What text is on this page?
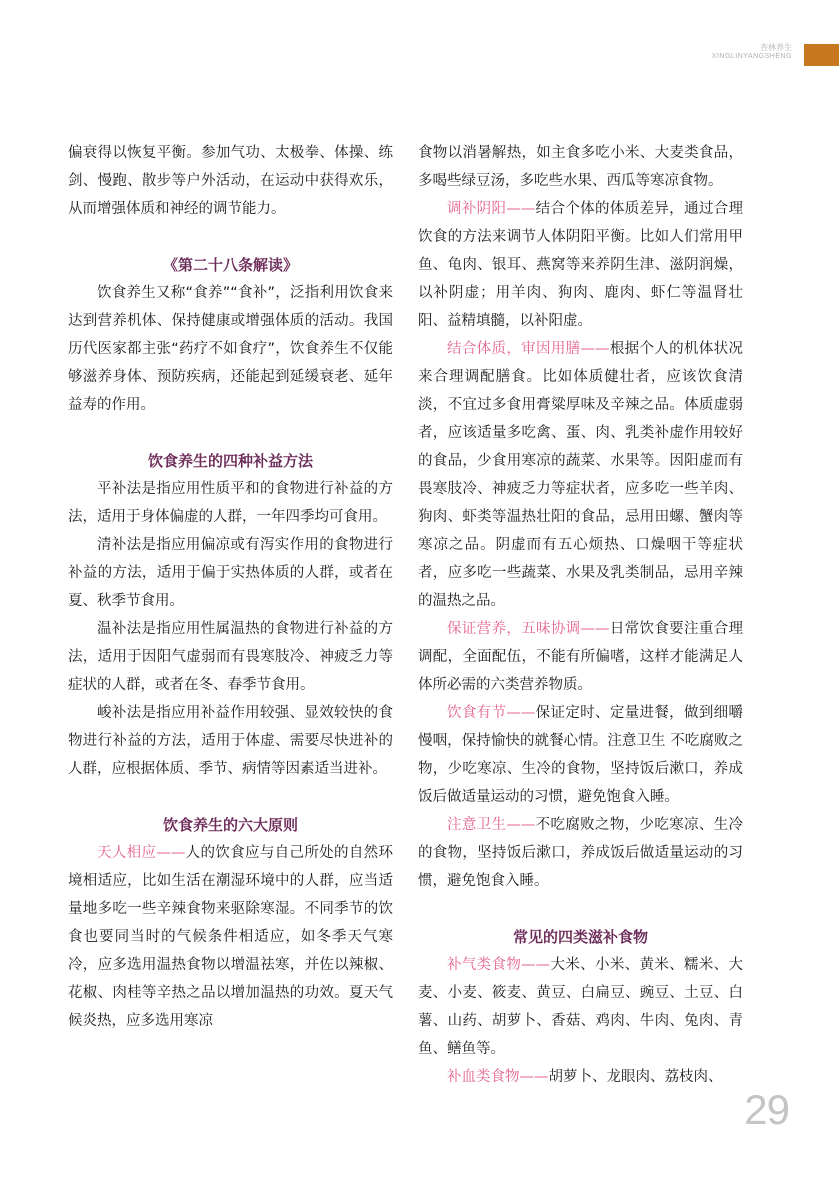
杏林养生
XINGLINYANGSHENG

偏衰得以恢复平衡。参加气功、太极拳、体操、练剑、慢跑、散步等户外活动，在运动中获得欢乐，从而增强体质和神经的调节能力。

《第二十八条解读》

饮食养生又称“食养”“食补”，泛指利用饮食来达到营养机体、保持健康或增强体质的活动。我国历代医家都主张“药疗不如食疗”，饮食养生不仅能够滋养身体、预防疾病，还能起到延缓衰老、延年益寿的作用。

饮食养生的四种补益方法

平补法是指应用性质平和的食物进行补益的方法，适用于身体偏虚的人群，一年四季均可食用。

清补法是指应用偏凉或有泻实作用的食物进行补益的方法，适用于偏于实热体质的人群，或者在夏、秋季节食用。

温补法是指应用性属温热的食物进行补益的方法，适用于因阳气虚弱而有畏寒肢冷、神疲乏力等症状的人群，或者在冬、春季节食用。

峻补法是指应用补益作用较强、显效较快的食物进行补益的方法，适用于体虚、需要尽快进补的人群，应根据体质、季节、病情等因素适当进补。

饮食养生的六大原则

天人相应——人的饮食应与自己所处的自然环境相适应，比如生活在潮湿环境中的人群，应当适量地多吃一些辛辣食物来驱除寒湿。不同季节的饮食也要同当时的气候条件相适应，如冬季天气寒冷，应多选用温热食物以增温祛寒，并佐以辣椒、花椒、肉桂等辛热之品以增加温热的功效。夏天气候炎热，应多选用寒凉

食物以消暑解热，如主食多吃小米、大麦类食品，多喝些绿豆汤，多吃些水果、西瓜等寒凉食物。

调补阴阳——结合个体的体质差异，通过合理饮食的方法来调节人体阴阳平衡。比如人们常用甲鱼、龟肉、银耳、燕窝等来养阴生津、滋阴润燥，以补阴虚；用羊肉、狗肉、鹿肉、虾仁等温肾壮阳、益精填髓，以补阳虚。

结合体质，审因用膳——根据个人的机体状况来合理调配膳食。比如体质健壮者，应该饮食清淡，不宜过多食用膏粱厚味及辛辣之品。体质虚弱者，应该适量多吃禽、蛋、肉、乳类补虚作用较好的食品，少食用寒凉的蔬菜、水果等。因阳虚而有畏寒肢冷、神疲乏力等症状者，应多吃一些羊肉、狗肉、虾类等温热壮阳的食品，忌用田螺、蟹肉等寒凉之品。阴虚而有五心烦热、口燥咽干等症状者，应多吃一些蔬菜、水果及乳类制品，忌用辛辣的温热之品。

保证营养，五味协调——日常饮食要注重合理调配，全面配伍，不能有所偏嗜，这样才能满足人体所必需的六类营养物质。

饮食有节——保证定时、定量进餐，做到细嚼慢咽，保持愉快的就餐心情。注意卫生 不吃腐败之物，少吃寒凉、生冷的食物，坚持饭后漱口，养成饭后做适量运动的习惯，避免饱食入睡。

注意卫生——不吃腐败之物，少吃寒凉、生冷的食物，坚持饭后漱口，养成饭后做适量运动的习惯，避免饱食入睡。

常见的四类滋补食物

补气类食物——大米、小米、黄米、糯米、大麦、小麦、筱麦、黄豆、白扁豆、豌豆、土豆、白薯、山药、胡萝卜、香菇、鸡肉、牛肉、兔肉、青鱼、鳝鱼等。

补血类食物——胡萝卜、龙眼肉、荔枝肉、

29
